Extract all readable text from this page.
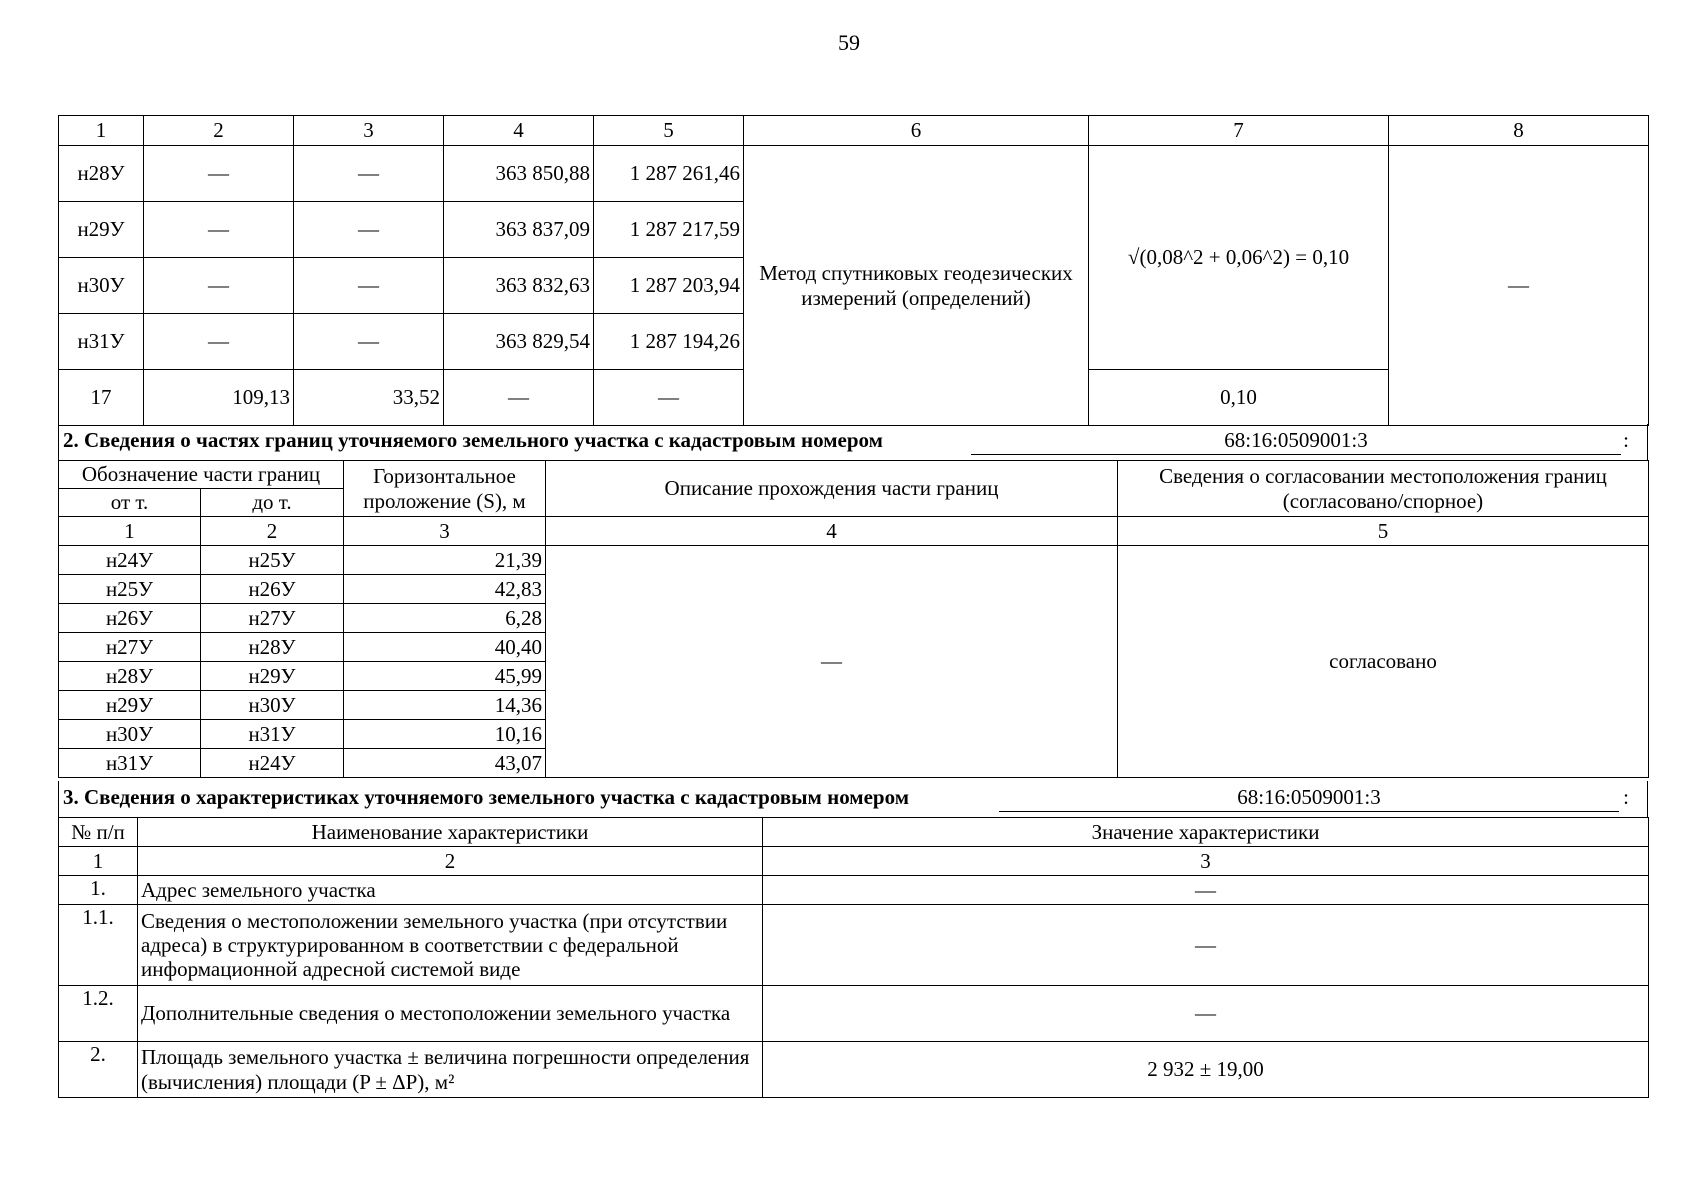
59
1	2	3	4	5	6	7	8
н28У	—	—	363 850,88	1 287 261,46	Метод спутниковых геодезических измерений (определений)	√(0,08^2 + 0,06^2) = 0,10	—
н29У	—	—	363 837,09	1 287 217,59			
н30У	—	—	363 832,63	1 287 203,94			
н31У	—	—	363 829,54	1 287 194,26			
17	109,13	33,52	—	—		0,10	
2. Сведения о частях границ уточняемого земельного участка с кадастровым номером	68:16:0509001:3	:
Обозначение части границ		Горизонтальное проложение (S), м	Описание прохождения части границ	Сведения о согласовании местоположения границ (согласовано/спорное)
от т.	до т.			
1	2	3	4	5
н24У	н25У	21,39	—	согласовано
н25У	н26У	42,83		
н26У	н27У	6,28		
н27У	н28У	40,40		
н28У	н29У	45,99		
н29У	н30У	14,36		
н30У	н31У	10,16		
н31У	н24У	43,07		
3. Сведения о характеристиках уточняемого земельного участка с кадастровым номером	68:16:0509001:3	:
№ п/п	Наименование характеристики	Значение характеристики
1	2	3
1.	Адрес земельного участка	—
1.1.	Сведения о местоположении земельного участка (при отсутствии адреса) в структурированном в соответствии с федеральной информационной адресной системой виде	—
1.2.	Дополнительные сведения о местоположении земельного участка	—
2.	Площадь земельного участка ± величина погрешности определения (вычисления) площади (P ± ΔP), м²	2 932 ± 19,00
